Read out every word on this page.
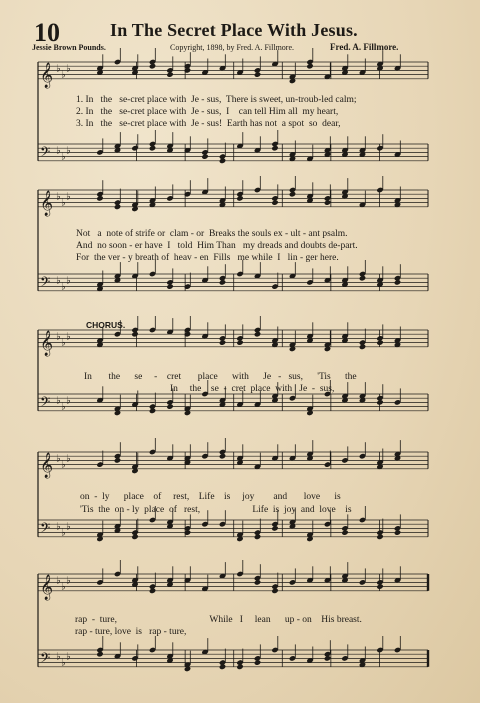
10	In The Secret Place With Jesus.
Jessie Brown Pounds.	Copyright, 1898, by Fred. A. Fillmore.	Fred. A. Fillmore.
𝄞 ♭
♭
♭
𝄢 ♭
♭
♭
𝄞 ♭
♭
♭
𝄢 ♭
♭
♭
𝄞 ♭
♭
♭
𝄢 ♭
♭
♭
𝄞 ♭
♭
♭
𝄢 ♭
♭
♭
𝄞 ♭
♭
♭
𝄢 ♭
♭
♭
CHORUS.
1. In   the   se-cret place with  Je - sus,  There is sweet, un-troub-led calm;
2. In   the   se-cret place with  Je - sus,  I    can tell Him all  my heart,
3. In   the   se-cret place with  Je - sus!  Earth has not  a spot  so  dear,
Not   a  note of strife or  clam - or  Breaks the souls ex - ult - ant psalm.
And  no soon - er have  I   told  Him Than   my dreads and doubts de-part.
For  the ver - y breath of  heav - en  Fills   me while  I   lin - ger here.
In       the      se     -    cret       place      with      Je   -   sus,      'Tis      the
In     the    se  -  cret  place  with   Je  -  sus,
on  -  ly      place    of     rest,    Life    is     joy        and       love      is
'Tis  the  on - ly  place  of   rest,                      Life  is  joy  and  love    is
rap  -  ture,                                       While   I     lean      up - on    His breast.
rap - ture, love  is   rap - ture,
